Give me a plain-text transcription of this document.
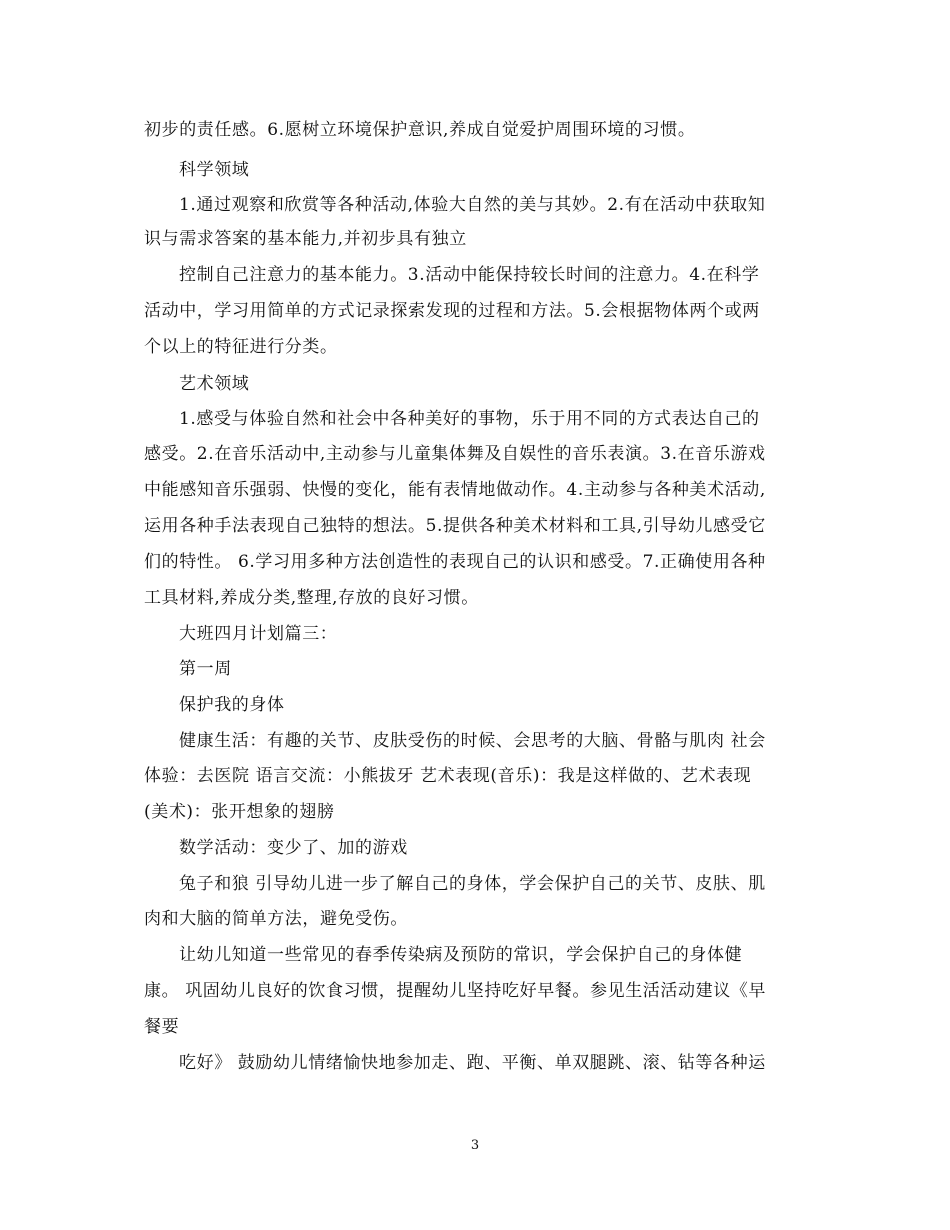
初步的责任感。6.愿树立环境保护意识,养成自觉爱护周围环境的习惯。
科学领域
1.通过观察和欣赏等各种活动,体验大自然的美与其妙。2.有在活动中获取知
识与需求答案的基本能力,并初步具有独立
控制自己注意力的基本能力。3.活动中能保持较长时间的注意力。4.在科学
活动中，学习用简单的方式记录探索发现的过程和方法。5.会根据物体两个或两
个以上的特征进行分类。
艺术领域
1.感受与体验自然和社会中各种美好的事物，乐于用不同的方式表达自己的
感受。2.在音乐活动中,主动参与儿童集体舞及自娱性的音乐表演。3.在音乐游戏
中能感知音乐强弱、快慢的变化，能有表情地做动作。4.主动参与各种美术活动,
运用各种手法表现自己独特的想法。5.提供各种美术材料和工具,引导幼儿感受它
们的特性。 6.学习用多种方法创造性的表现自己的认识和感受。7.正确使用各种
工具材料,养成分类,整理,存放的良好习惯。
大班四月计划篇三：
第一周
保护我的身体
健康生活：有趣的关节、皮肤受伤的时候、会思考的大脑、骨骼与肌肉 社会
体验：去医院 语言交流：小熊拔牙 艺术表现(音乐)：我是这样做的、艺术表现
(美术)：张开想象的翅膀
数学活动：变少了、加的游戏
兔子和狼 引导幼儿进一步了解自己的身体，学会保护自己的关节、皮肤、肌
肉和大脑的简单方法，避免受伤。
让幼儿知道一些常见的春季传染病及预防的常识，学会保护自己的身体健
康。 巩固幼儿良好的饮食习惯，提醒幼儿坚持吃好早餐。参见生活活动建议《早
餐要
吃好》 鼓励幼儿情绪愉快地参加走、跑、平衡、单双腿跳、滚、钻等各种运
3
